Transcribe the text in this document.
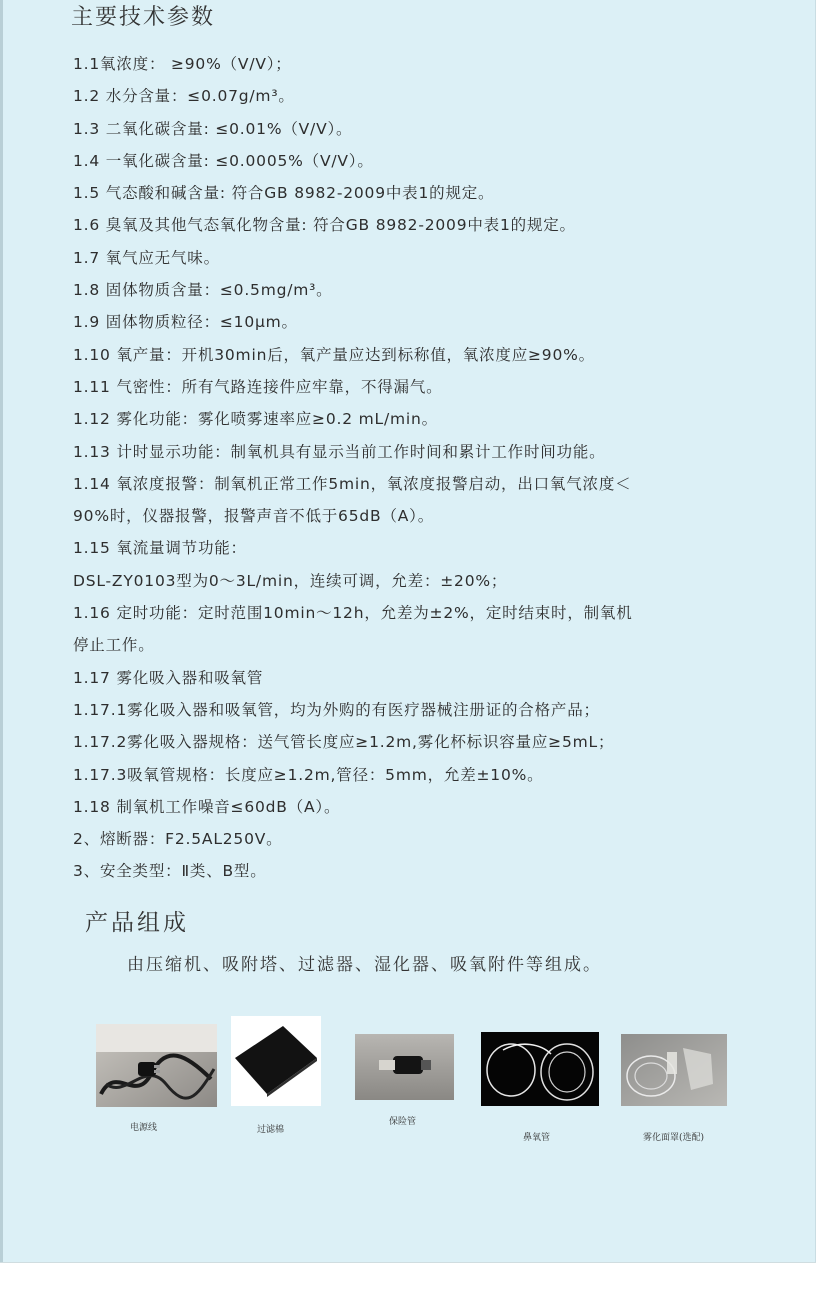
主要技术参数
1.1氧浓度： ≥90%（V/V）；
1.2 水分含量：≤0.07g/m³。
1.3 二氧化碳含量: ≤0.01%（V/V）。
1.4 一氧化碳含量: ≤0.0005%（V/V）。
1.5 气态酸和碱含量: 符合GB 8982-2009中表1的规定。
1.6 臭氧及其他气态氧化物含量: 符合GB 8982-2009中表1的规定。
1.7 氧气应无气味。
1.8 固体物质含量：≤0.5mg/m³。
1.9 固体物质粒径：≤10μm。
1.10 氧产量：开机30min后，氧产量应达到标称值，氧浓度应≥90%。
1.11 气密性：所有气路连接件应牢靠，不得漏气。
1.12 雾化功能：雾化喷雾速率应≥0.2 mL/min。
1.13 计时显示功能：制氧机具有显示当前工作时间和累计工作时间功能。
1.14 氧浓度报警：制氧机正常工作5min，氧浓度报警启动，出口氧气浓度＜
90%时，仪器报警，报警声音不低于65dB（A）。
1.15 氧流量调节功能：
DSL-ZY0103型为0～3L/min，连续可调，允差：±20%；
1.16 定时功能：定时范围10min～12h，允差为±2%，定时结束时，制氧机
停止工作。
1.17 雾化吸入器和吸氧管
1.17.1雾化吸入器和吸氧管，均为外购的有医疗器械注册证的合格产品；
1.17.2雾化吸入器规格：送气管长度应≥1.2m,雾化杯标识容量应≥5mL；
1.17.3吸氧管规格：长度应≥1.2m,管径：5mm，允差±10%。
1.18 制氧机工作噪音≤60dB（A）。
2、熔断器：F2.5AL250V。
3、安全类型：Ⅱ类、B型。
产品组成
由压缩机、吸附塔、过滤器、湿化器、吸氧附件等组成。
电源线	过滤棉
保险管
鼻氧管	雾化面罩(选配)
